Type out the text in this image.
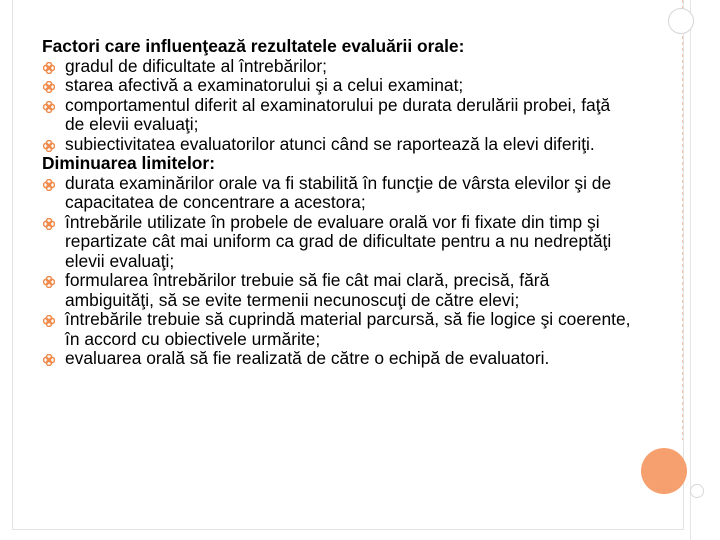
Factori care influenţează rezultatele evaluării orale:

gradul de dificultate al întrebărilor;
starea afectivă a examinatorului şi a celui examinat;
comportamentul diferit al examinatorului pe durata derulării probei, faţă de elevii evaluaţi;
subiectivitatea evaluatorilor atunci când se raportează la elevi diferiţi.

Diminuarea limitelor:

durata examinărilor orale va fi stabilită în funcţie de vârsta elevilor şi de capacitatea de concentrare a acestora;
întrebările utilizate în probele de evaluare orală vor fi fixate din timp şi repartizate cât mai uniform ca grad de dificultate pentru a nu nedreptăţi elevii evaluaţi;
formularea întrebărilor trebuie să fie cât mai clară, precisă, fără ambiguităţi, să se evite termenii necunoscuţi de către elevi;
întrebările trebuie să cuprindă material parcursă, să fie logice şi coerente, în accord cu obiectivele urmărite;
evaluarea orală să fie realizată de către o echipă de evaluatori.
